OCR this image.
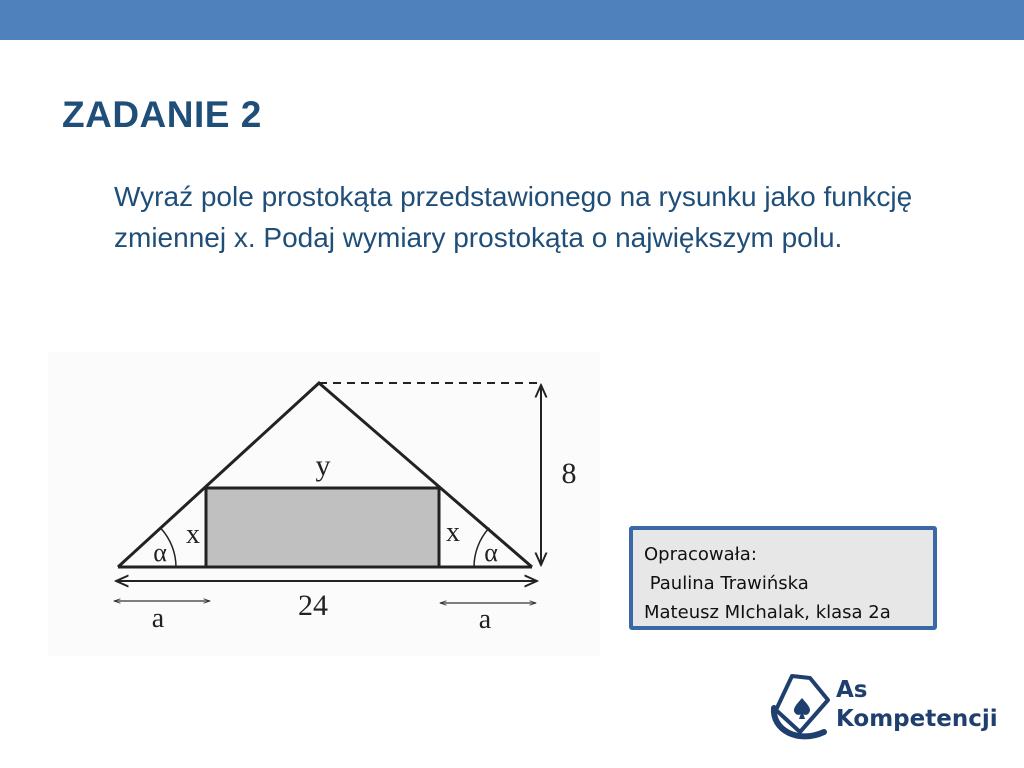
ZADANIE 2

Wyraź pole prostokąta przedstawionego na rysunku jako funkcję zmiennej x. Podaj wymiary prostokąta o największym polu.

y	8
x	x
α	α
24
a	a
Opracowała:
Paulina Trawińska
Mateusz MIchalak, klasa 2a
As
Kompetencji
